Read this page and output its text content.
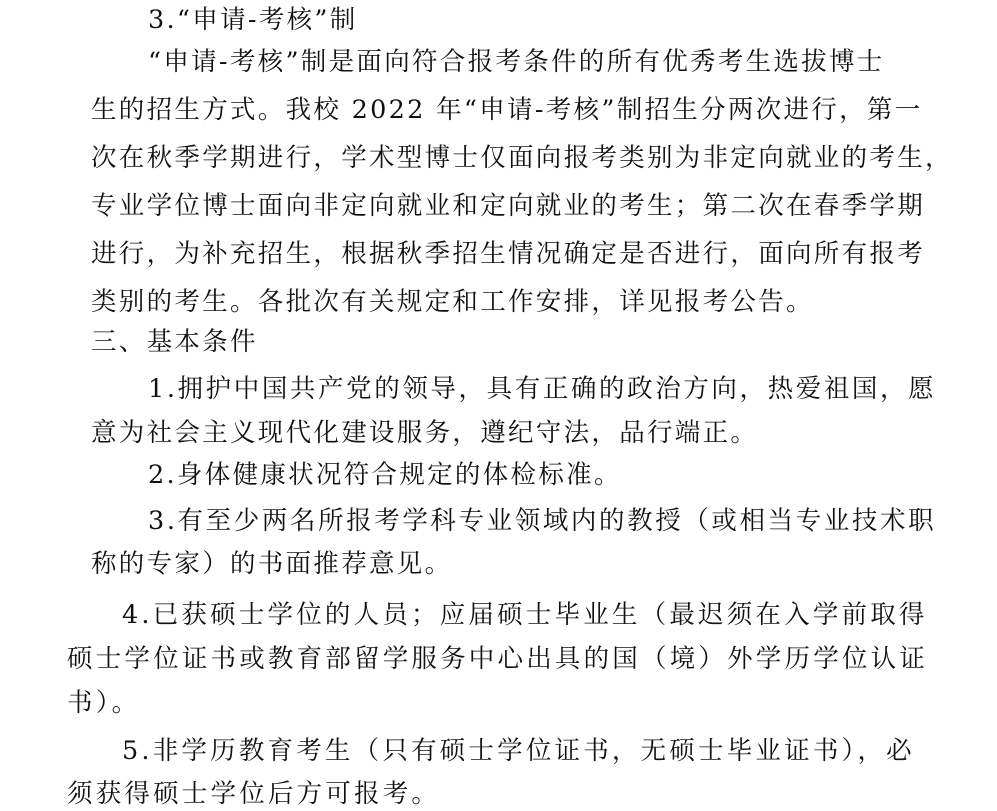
3.“申请-考核”制
“申请-考核”制是面向符合报考条件的所有优秀考生选拔博士
生的招生方式。我校 2022 年“申请-考核”制招生分两次进行，第一
次在秋季学期进行，学术型博士仅面向报考类别为非定向就业的考生，
专业学位博士面向非定向就业和定向就业的考生；第二次在春季学期
进行，为补充招生，根据秋季招生情况确定是否进行，面向所有报考
类别的考生。各批次有关规定和工作安排，详见报考公告。
三、基本条件
1.拥护中国共产党的领导，具有正确的政治方向，热爱祖国，愿
意为社会主义现代化建设服务，遵纪守法，品行端正。
2.身体健康状况符合规定的体检标准。
3.有至少两名所报考学科专业领域内的教授（或相当专业技术职
称的专家）的书面推荐意见。
4.已获硕士学位的人员；应届硕士毕业生（最迟须在入学前取得
硕士学位证书或教育部留学服务中心出具的国（境）外学历学位认证
书）。
5.非学历教育考生（只有硕士学位证书，无硕士毕业证书），必
须获得硕士学位后方可报考。
